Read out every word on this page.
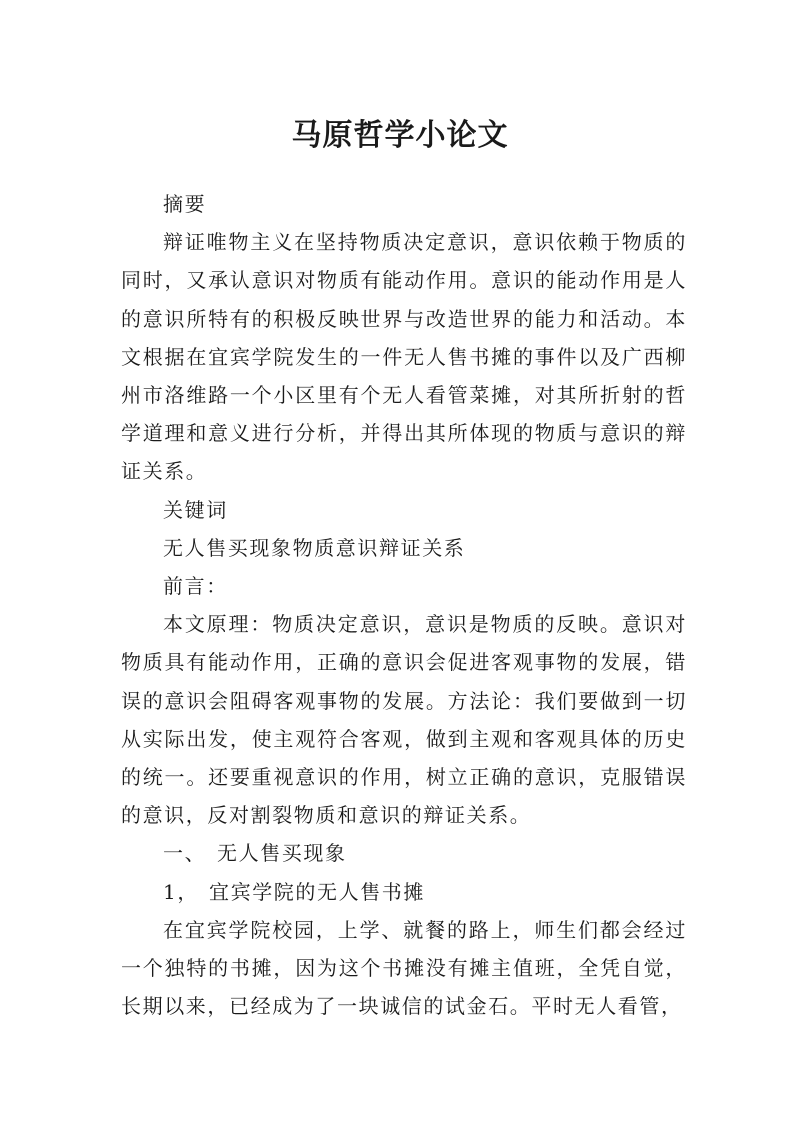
马原哲学小论文

摘要

辩证唯物主义在坚持物质决定意识，意识依赖于物质的同时，又承认意识对物质有能动作用。意识的能动作用是人的意识所特有的积极反映世界与改造世界的能力和活动。本文根据在宜宾学院发生的一件无人售书摊的事件以及广西柳州市洛维路一个小区里有个无人看管菜摊，对其所折射的哲学道理和意义进行分析，并得出其所体现的物质与意识的辩证关系。

关键词

无人售买现象物质意识辩证关系

前言：

本文原理：物质决定意识，意识是物质的反映。意识对物质具有能动作用，正确的意识会促进客观事物的发展，错误的意识会阻碍客观事物的发展。方法论：我们要做到一切从实际出发，使主观符合客观，做到主观和客观具体的历史的统一。还要重视意识的作用，树立正确的意识，克服错误的意识，反对割裂物质和意识的辩证关系。

一、 无人售买现象

1， 宜宾学院的无人售书摊

在宜宾学院校园，上学、就餐的路上，师生们都会经过一个独特的书摊，因为这个书摊没有摊主值班，全凭自觉，长期以来，已经成为了一块诚信的试金石。平时无人看管，
